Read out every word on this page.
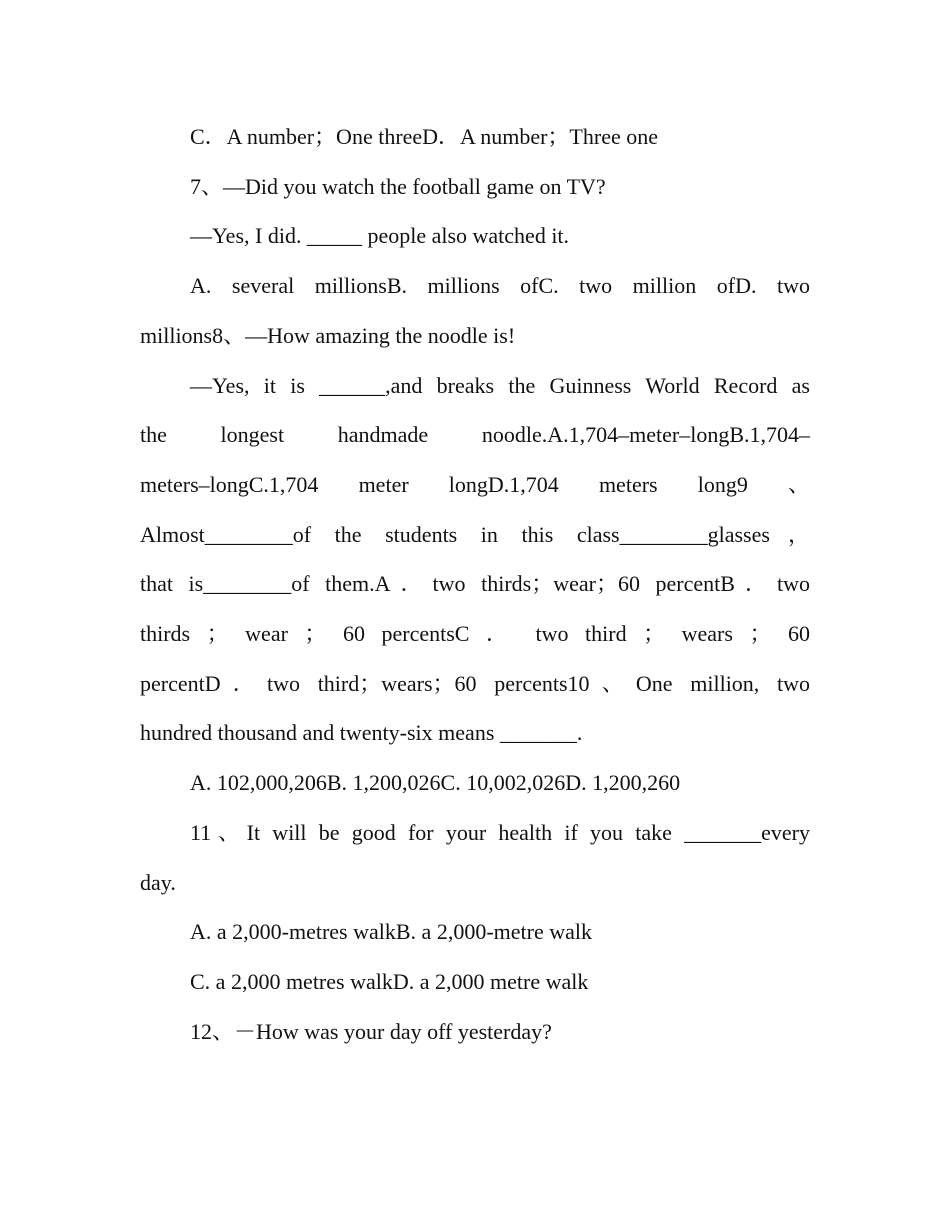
C．A number；One threeD．A number；Three one

7、—Did you watch the football game on TV?

—Yes, I did. _____ people also watched it.

A. several millionsB. millions ofC. two million ofD. two

millions8、—How amazing the noodle is!

—Yes, it is ______,and breaks the Guinness World Record as

the longest handmade noodle.A.1,704–meter–longB.1,704–

meters–longC.1,704 meter longD.1,704 meters long9 、

Almost________of the students in this class________glasses，

that is________of them.A．two thirds；wear；60 percentB．two

thirds ； wear ； 60 percentsC ． two third ； wears ； 60

percentD．two third；wears；60 percents10、One million, two

hundred thousand and twenty-six means _______.

A. 102,000,206B. 1,200,026C. 10,002,026D. 1,200,260

11、It will be good for your health if you take _______every

day.

A. a 2,000-metres walkB. a 2,000-metre walk

C. a 2,000 metres walkD. a 2,000 metre walk

12、－How was your day off yesterday?
